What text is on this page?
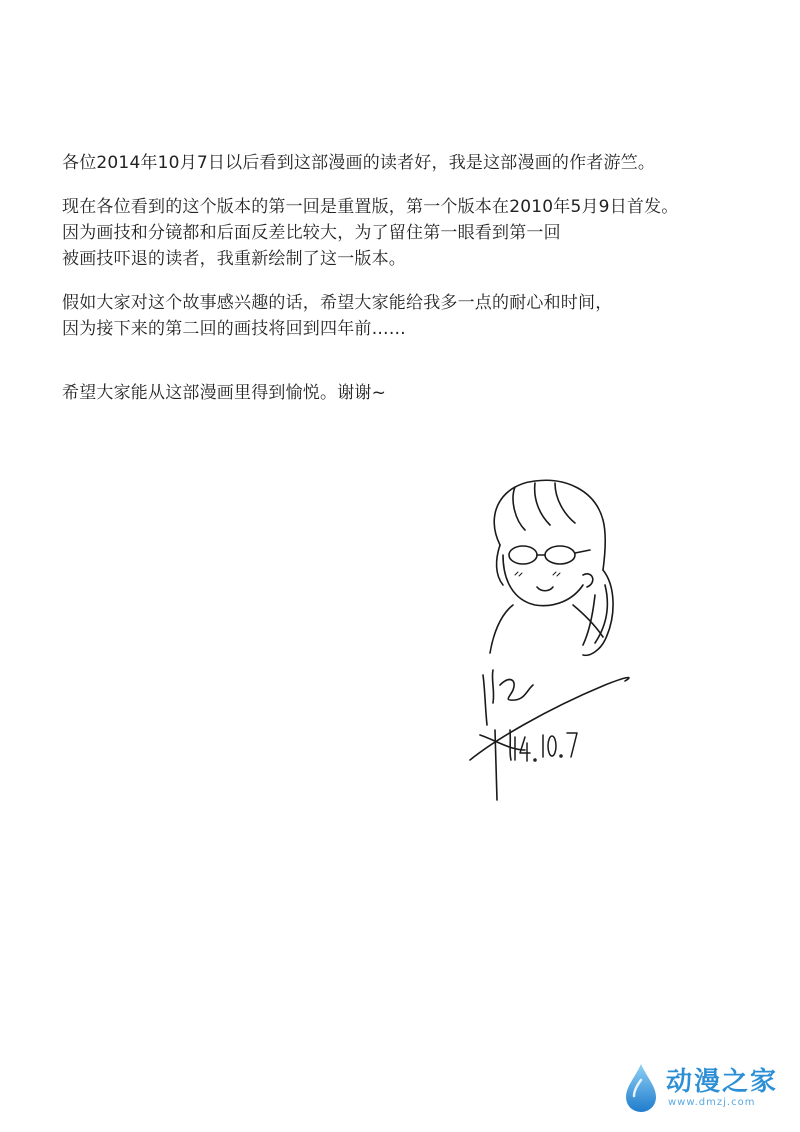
各位2014年10月7日以后看到这部漫画的读者好，我是这部漫画的作者游竺。
现在各位看到的这个版本的第一回是重置版，第一个版本在2010年5月9日首发。
因为画技和分镜都和后面反差比较大，为了留住第一眼看到第一回
被画技吓退的读者，我重新绘制了这一版本。
假如大家对这个故事感兴趣的话，希望大家能给我多一点的耐心和时间，
因为接下来的第二回的画技将回到四年前……
希望大家能从这部漫画里得到愉悦。谢谢~
动漫之家
www.dmzj.com
